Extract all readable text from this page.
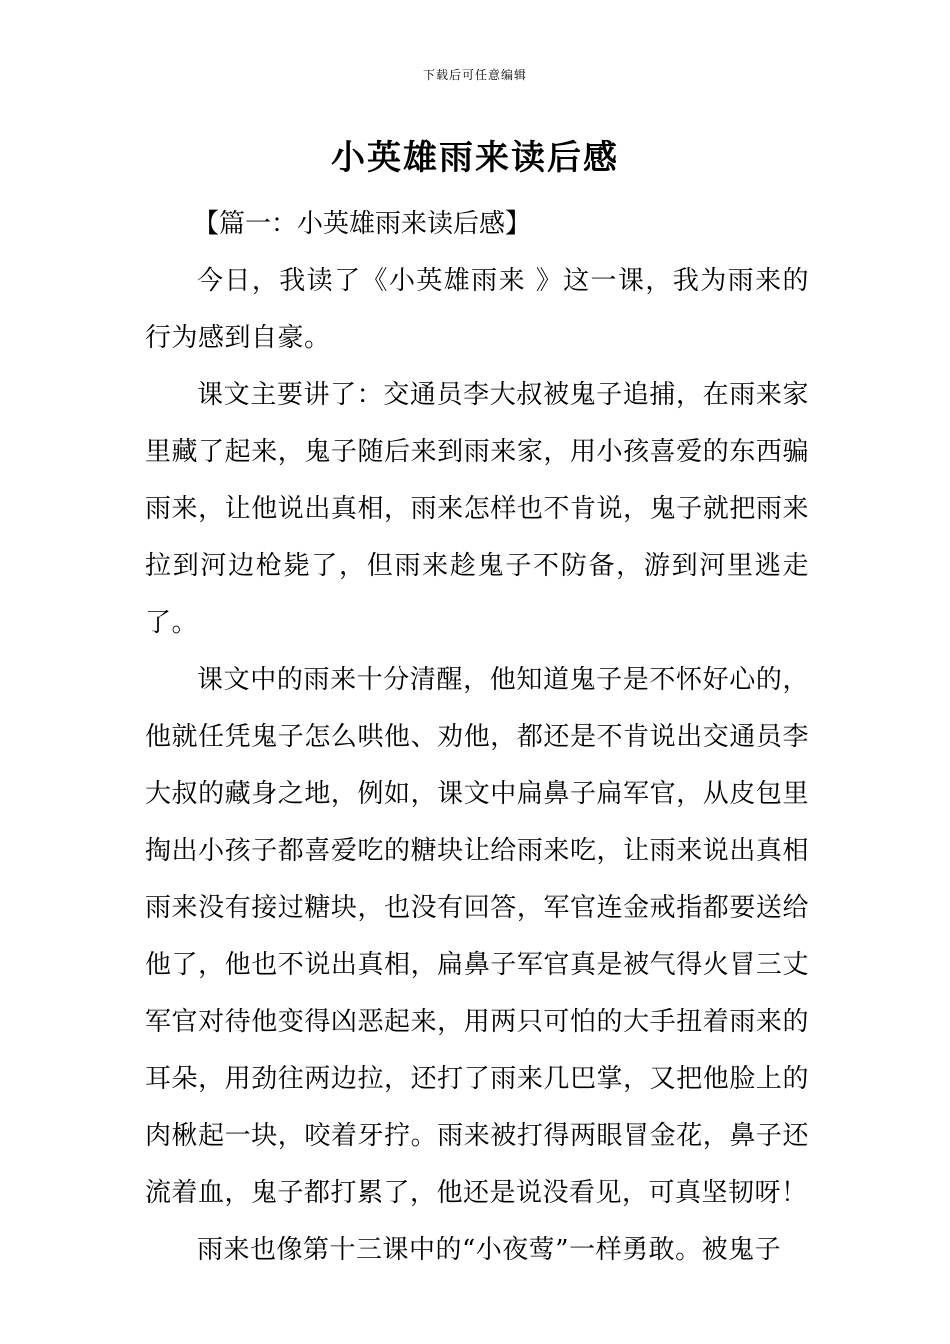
下载后可任意编辑
小英雄雨来读后感

【篇一：小英雄雨来读后感】

今日，我读了《小英雄雨来 》这一课，我为雨来的行为感到自豪。

课文主要讲了：交通员李大叔被鬼子追捕，在雨来家里藏了起来，鬼子随后来到雨来家，用小孩喜爱的东西骗雨来，让他说出真相，雨来怎样也不肯说，鬼子就把雨来拉到河边枪毙了，但雨来趁鬼子不防备，游到河里逃走了。

课文中的雨来十分清醒，他知道鬼子是不怀好心的，他就任凭鬼子怎么哄他、劝他，都还是不肯说出交通员李大叔的藏身之地，例如，课文中扁鼻子扁军官，从皮包里掏出小孩子都喜爱吃的糖块让给雨来吃，让雨来说出真相雨来没有接过糖块，也没有回答，军官连金戒指都要送给他了，他也不说出真相，扁鼻子军官真是被气得火冒三丈军官对待他变得凶恶起来，用两只可怕的大手扭着雨来的耳朵，用劲往两边拉，还打了雨来几巴掌，又把他脸上的肉楸起一块，咬着牙拧。雨来被打得两眼冒金花，鼻子还流着血，鬼子都打累了，他还是说没看见，可真坚韧呀！

雨来也像第十三课中的“小夜莺”一样勇敢。被鬼子
